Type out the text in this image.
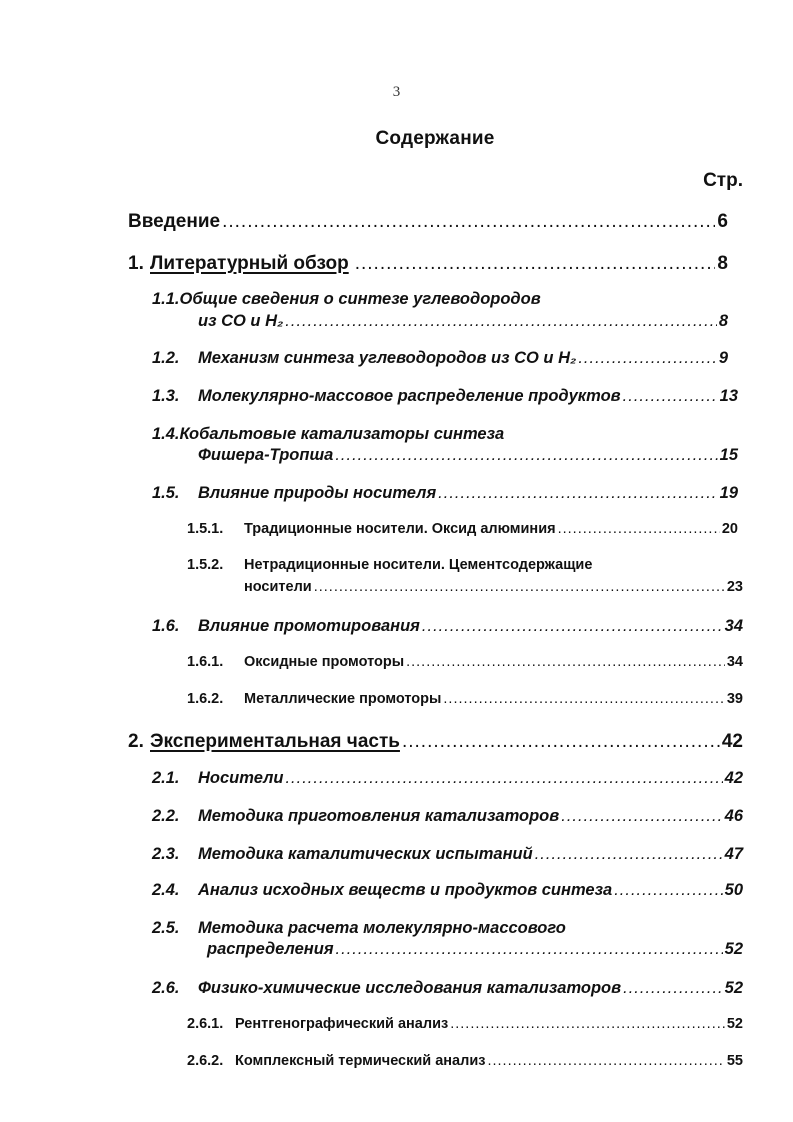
3
Содержание
Стр.
Введение .....	6
1. Литературный обзор .....	8
1.1.Общие сведения о синтезе углеводородов
из CO и H₂ .....	8
1.2.	Механизм синтеза углеводородов из CO и H₂ .....	9
1.3.	Молекулярно-массовое распределение продуктов .....	13
1.4.Кобальтовые катализаторы синтеза
Фишера-Тропша .....	15
1.5.	Влияние природы носителя .....	19
1.5.1.	Традиционные носители. Оксид алюминия .....	20
1.5.2. Нетрадиционные носители. Цементсодержащие
носители .....	23
1.6.	Влияние промотирования .....	34
1.6.1.	Оксидные промоторы .....	34
1.6.2.	Металлические промоторы .....	39
2. Экспериментальная часть .....	42
2.1.	Носители .....	42
2.2.	Методика приготовления катализаторов .....	46
2.3.	Методика каталитических испытаний .....	47
2.4.	Анализ исходных веществ и продуктов синтеза .....	50
2.5. Методика расчета молекулярно-массового
распределения .....	52
2.6.	Физико-химические исследования катализаторов .....	52
2.6.1. Рентгенографический анализ .....	52
2.6.2. Комплексный термический анализ .....	55
